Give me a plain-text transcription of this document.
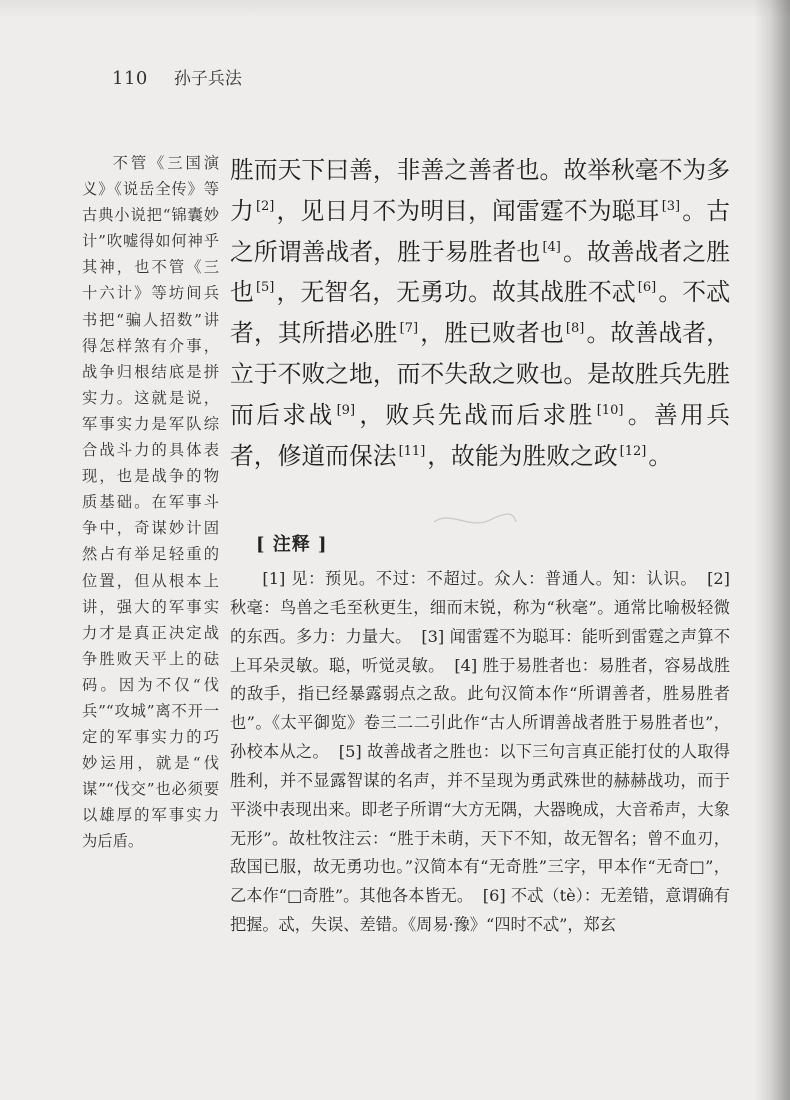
110 孙子兵法

不管《三国演义》《说岳全传》等古典小说把“锦囊妙计”吹嘘得如何神乎其神，也不管《三十六计》等坊间兵书把“骗人招数”讲得怎样煞有介事，战争归根结底是拼实力。这就是说，军事实力是军队综合战斗力的具体表现，也是战争的物质基础。在军事斗争中，奇谋妙计固然占有举足轻重的位置，但从根本上讲，强大的军事实力才是真正决定战争胜败天平上的砝码。因为不仅“伐兵”“攻城”离不开一定的军事实力的巧妙运用，就是“伐谋”“伐交”也必须要以雄厚的军事实力为后盾。

胜而天下曰善，非善之善者也。故举秋毫不为多力 [2]，见日月不为明目，闻雷霆不为聪耳 [3]。古之所谓善战者，胜于易胜者也 [4]。故善战者之胜也 [5]，无智名，无勇功。故其战胜不忒 [6]。不忒者，其所措必胜 [7]，胜已败者也 [8]。故善战者，立于不败之地，而不失敌之败也。是故胜兵先胜而后求战 [9]，败兵先战而后求胜 [10]。善用兵者，修道而保法 [11]，故能为胜败之政 [12]。

[ 注释 ]

[1] 见：预见。不过：不超过。众人：普通人。知：认识。 [2] 秋毫：鸟兽之毛至秋更生，细而末锐，称为“秋毫”。通常比喻极轻微的东西。多力：力量大。 [3] 闻雷霆不为聪耳：能听到雷霆之声算不上耳朵灵敏。聪，听觉灵敏。 [4] 胜于易胜者也：易胜者，容易战胜的敌手，指已经暴露弱点之敌。此句汉简本作“所谓善者，胜易胜者也”。《太平御览》卷三二二引此作“古人所谓善战者胜于易胜者也”，孙校本从之。 [5] 故善战者之胜也：以下三句言真正能打仗的人取得胜利，并不显露智谋的名声，并不呈现为勇武殊世的赫赫战功，而于平淡中表现出来。即老子所谓“大方无隅，大器晚成，大音希声，大象无形”。故杜牧注云：“胜于未萌，天下不知，故无智名；曾不血刃，敌国已服，故无勇功也。”汉简本有“无奇胜”三字，甲本作“无奇□”，乙本作“□奇胜”。其他各本皆无。 [6] 不忒（tè）：无差错，意谓确有把握。忒，失误、差错。《周易·豫》“四时不忒”，郑玄
